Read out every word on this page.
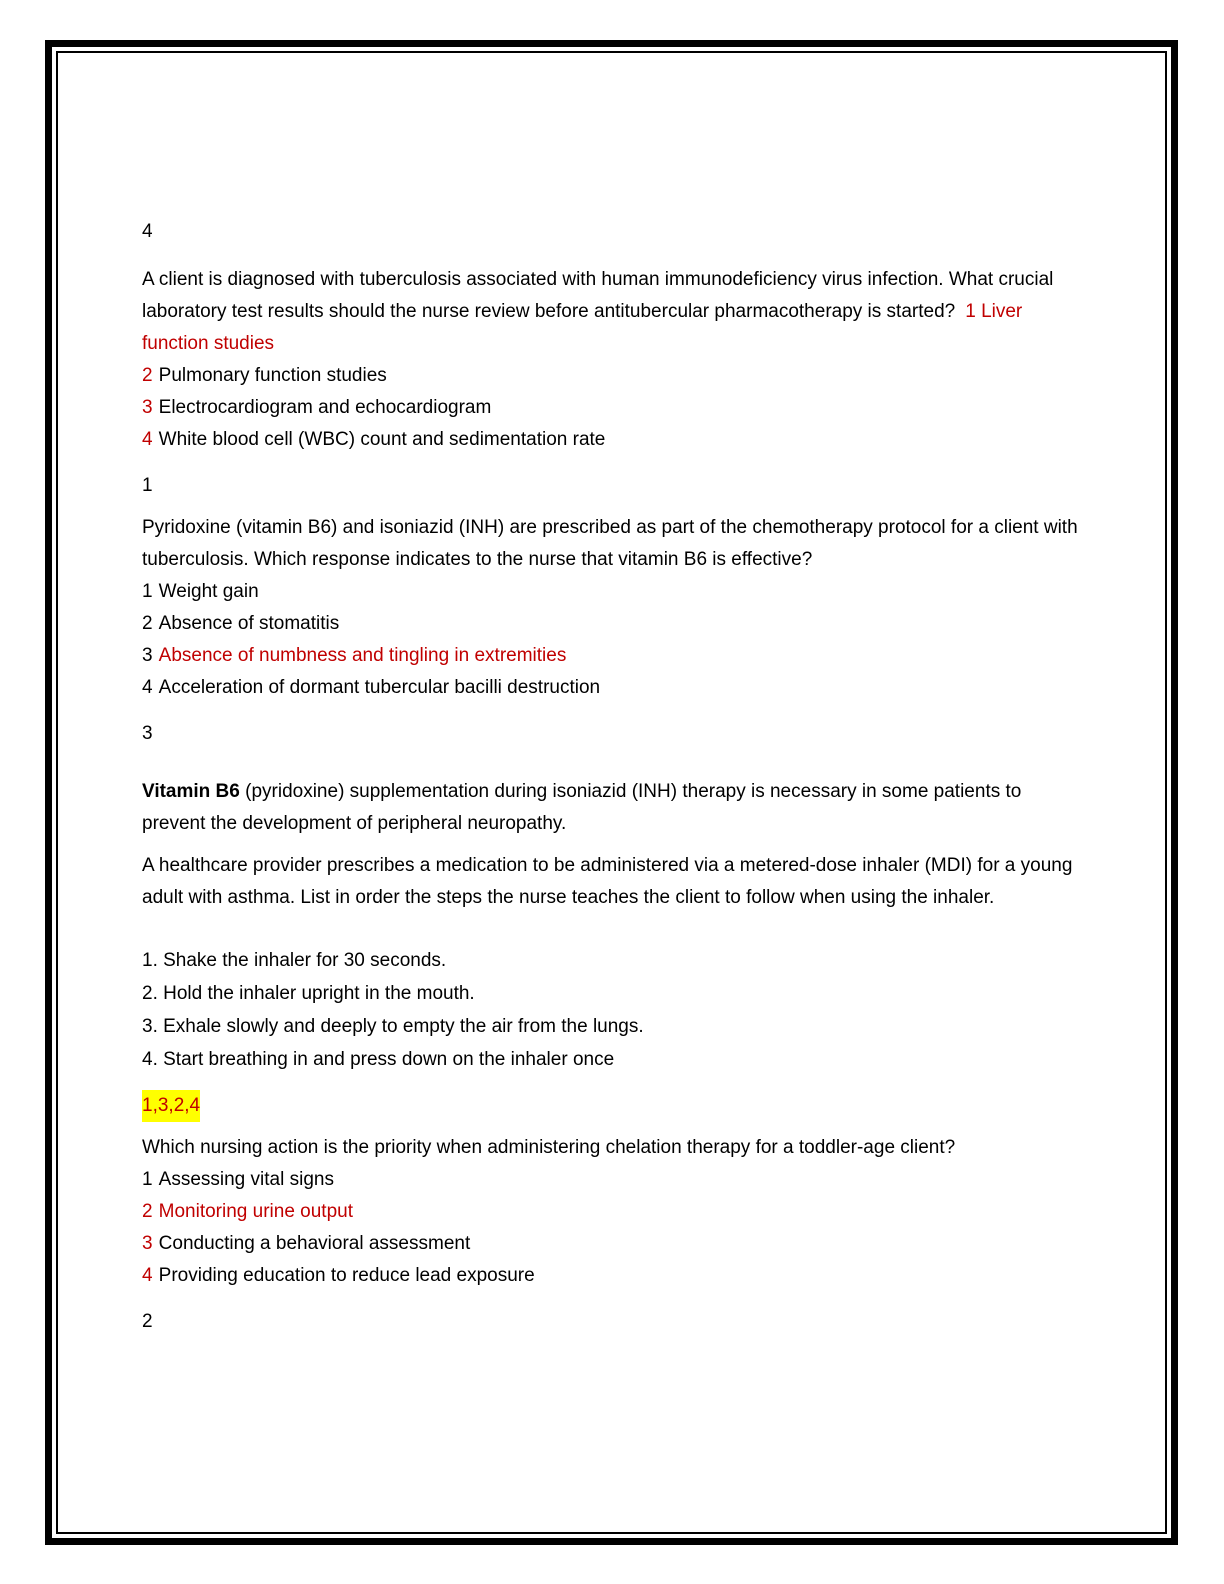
4
A client is diagnosed with tuberculosis associated with human immunodeficiency virus infection. What crucial laboratory test results should the nurse review before antitubercular pharmacotherapy is started? 1 Liver function studies
2 Pulmonary function studies
3 Electrocardiogram and echocardiogram
4 White blood cell (WBC) count and sedimentation rate
1
Pyridoxine (vitamin B6) and isoniazid (INH) are prescribed as part of the chemotherapy protocol for a client with tuberculosis. Which response indicates to the nurse that vitamin B6 is effective?
1 Weight gain
2 Absence of stomatitis
3 Absence of numbness and tingling in extremities
4 Acceleration of dormant tubercular bacilli destruction
3
Vitamin B6 (pyridoxine) supplementation during isoniazid (INH) therapy is necessary in some patients to prevent the development of peripheral neuropathy.
A healthcare provider prescribes a medication to be administered via a metered-dose inhaler (MDI) for a young adult with asthma. List in order the steps the nurse teaches the client to follow when using the inhaler.
1. Shake the inhaler for 30 seconds.
2. Hold the inhaler upright in the mouth.
3. Exhale slowly and deeply to empty the air from the lungs.
4. Start breathing in and press down on the inhaler once
1,3,2,4
Which nursing action is the priority when administering chelation therapy for a toddler-age client?
1 Assessing vital signs
2 Monitoring urine output
3 Conducting a behavioral assessment
4 Providing education to reduce lead exposure
2
